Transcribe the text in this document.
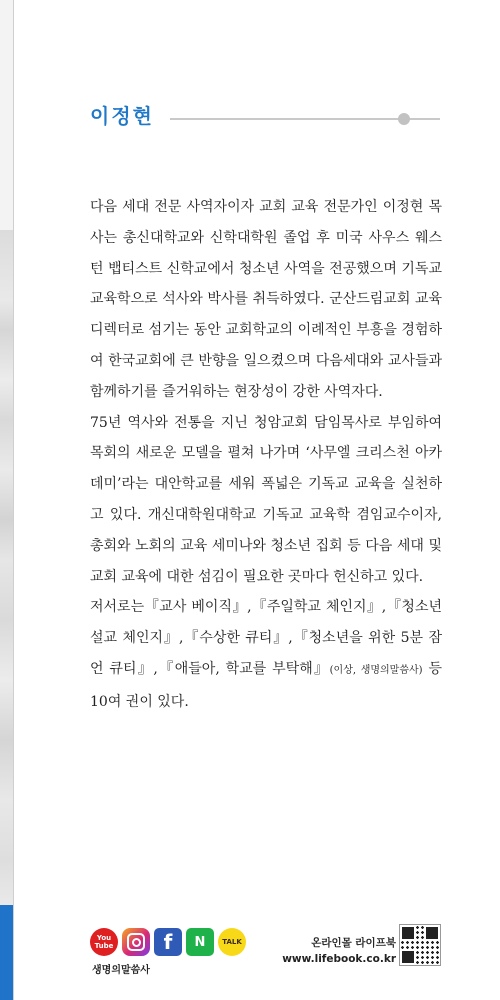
이정현

다음 세대 전문 사역자이자 교회 교육 전문가인 이정현 목사는 총신대학교와 신학대학원 졸업 후 미국 사우스 웨스턴 뱁티스트 신학교에서 청소년 사역을 전공했으며 기독교 교육학으로 석사와 박사를 취득하였다. 군산드림교회 교육 디렉터로 섬기는 동안 교회학교의 이례적인 부흥을 경험하여 한국교회에 큰 반향을 일으켰으며 다음세대와 교사들과 함께하기를 즐거워하는 현장성이 강한 사역자다.

75년 역사와 전통을 지닌 청암교회 담임목사로 부임하여 목회의 새로운 모델을 펼쳐 나가며 ‘사무엘 크리스천 아카데미’라는 대안학교를 세워 폭넓은 기독교 교육을 실천하고 있다. 개신대학원대학교 기독교 교육학 겸임교수이자, 총회와 노회의 교육 세미나와 청소년 집회 등 다음 세대 및 교회 교육에 대한 섬김이 필요한 곳마다 헌신하고 있다.

저서로는『교사 베이직』,『주일학교 체인지』,『청소년 설교 체인지』,『수상한 큐티』,『청소년을 위한 5분 잠언 큐티』,『애들아, 학교를 부탁해』(이상, 생명의말씀사) 등 10여 권이 있다.

You Tube	f N TALK
생명의말씀사
온라인몰 라이프북
www.lifebook.co.kr
